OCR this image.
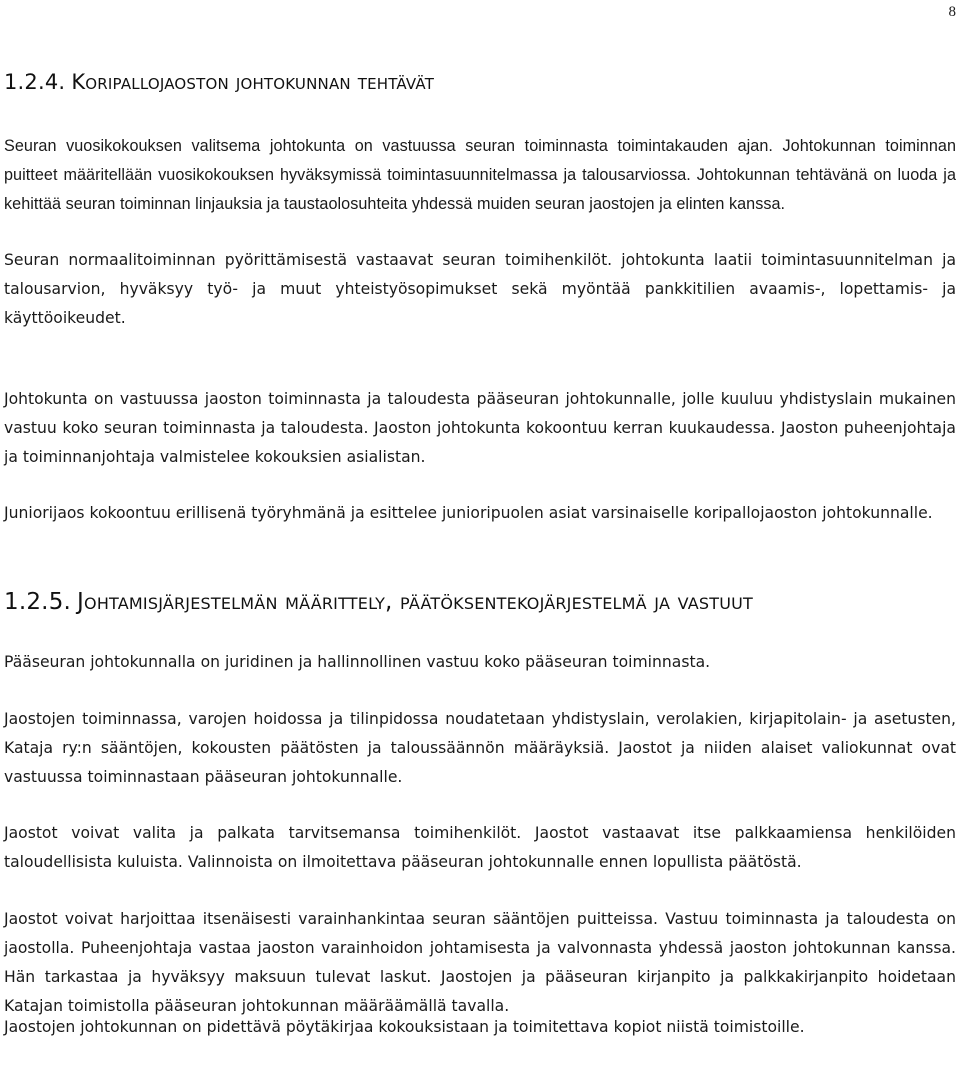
8
1.2.4. Koripallojaoston johtokunnan tehtävät

Seuran vuosikokouksen valitsema johtokunta on vastuussa seuran toiminnasta toimintakauden ajan. Johtokunnan toiminnan puitteet määritellään vuosikokouksen hyväksymissä toimintasuunnitelmassa ja talousarviossa. Johtokunnan tehtävänä on luoda ja kehittää seuran toiminnan linjauksia ja taustaolosuhteita yhdessä muiden seuran jaostojen ja elinten kanssa.

Seuran normaalitoiminnan pyörittämisestä vastaavat seuran toimihenkilöt. johtokunta laatii toimintasuunnitelman ja talousarvion, hyväksyy työ- ja muut yhteistyösopimukset sekä myöntää pankkitilien avaamis-, lopettamis- ja käyttöoikeudet.

Johtokunta on vastuussa jaoston toiminnasta ja taloudesta pääseuran johtokunnalle, jolle kuuluu yhdistyslain mukainen vastuu koko seuran toiminnasta ja taloudesta. Jaoston johtokunta kokoontuu kerran kuukaudessa. Jaoston puheenjohtaja ja toiminnanjohtaja valmistelee kokouksien asialistan.

Juniorijaos kokoontuu erillisenä työryhmänä ja esittelee junioripuolen asiat varsinaiselle koripallojaoston johtokunnalle.

1.2.5. Johtamisjärjestelmän määrittely, päätöksentekojärjestelmä ja vastuut

Pääseuran johtokunnalla on juridinen ja hallinnollinen vastuu koko pääseuran toiminnasta.

Jaostojen toiminnassa, varojen hoidossa ja tilinpidossa noudatetaan yhdistyslain, verolakien, kirjapitolain- ja asetusten, Kataja ry:n sääntöjen, kokousten päätösten ja taloussäännön määräyksiä. Jaostot ja niiden alaiset valiokunnat ovat vastuussa toiminnastaan pääseuran johtokunnalle.

Jaostot voivat valita ja palkata tarvitsemansa toimihenkilöt. Jaostot vastaavat itse palkkaamiensa henkilöiden taloudellisista kuluista. Valinnoista on ilmoitettava pääseuran johtokunnalle ennen lopullista päätöstä.

Jaostot voivat harjoittaa itsenäisesti varainhankintaa seuran sääntöjen puitteissa. Vastuu toiminnasta ja taloudesta on jaostolla. Puheenjohtaja vastaa jaoston varainhoidon johtamisesta ja valvonnasta yhdessä jaoston johtokunnan kanssa. Hän tarkastaa ja hyväksyy maksuun tulevat laskut. Jaostojen ja pääseuran kirjanpito ja palkkakirjanpito hoidetaan Katajan toimistolla pääseuran johtokunnan määräämällä tavalla.

Jaostojen johtokunnan on pidettävä pöytäkirjaa kokouksistaan ja toimitettava kopiot niistä toimistoille.
